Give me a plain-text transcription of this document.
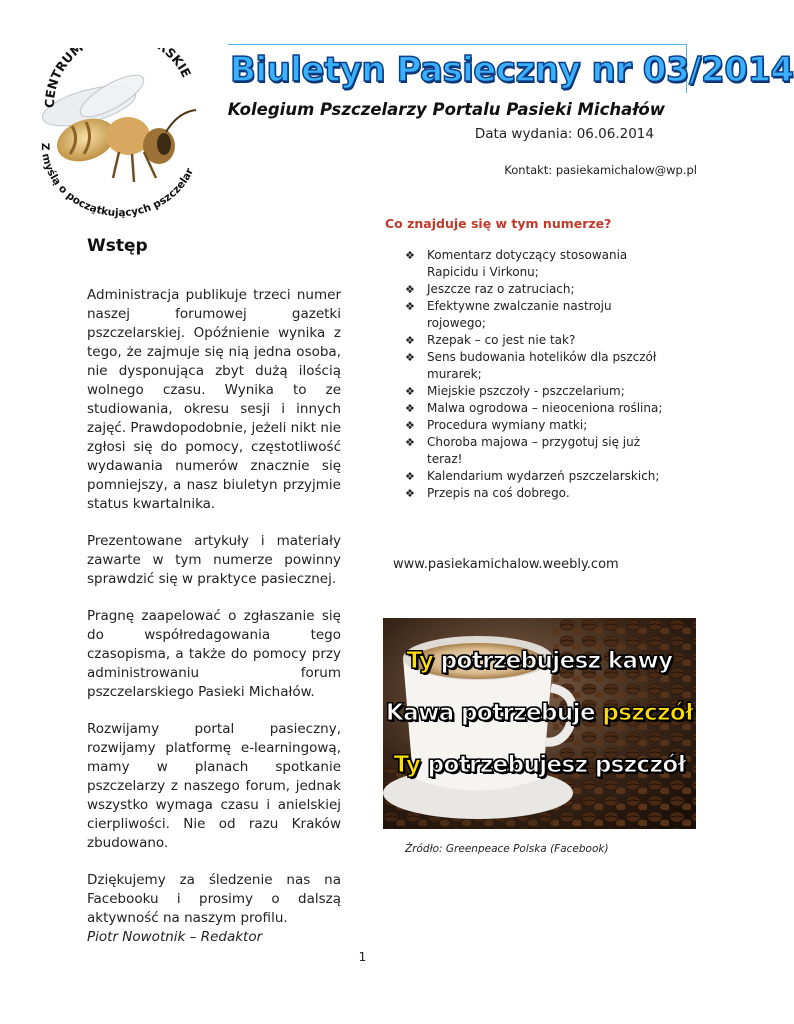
CENTRUM SKIE
Z myślą o początkujących pszczelar
Biuletyn Pasieczny nr 03/2014
Kolegium Pszczelarzy Portalu Pasieki Michałów
Data wydania: 06.06.2014
Kontakt: pasiekamichalow@wp.pl
Wstęp

Administracja publikuje trzeci numer naszej forumowej gazetki pszczelarskiej. Opóźnienie wynika z tego, że zajmuje się nią jedna osoba, nie dysponująca zbyt dużą ilością wolnego czasu. Wynika to ze studiowania, okresu sesji i innych zajęć. Prawdopodobnie, jeżeli nikt nie zgłosi się do pomocy, częstotliwość wydawania numerów znacznie się pomniejszy, a nasz biuletyn przyjmie status kwartalnika.

Prezentowane artykuły i materiały zawarte w tym numerze powinny sprawdzić się w praktyce pasiecznej.

Pragnę zaapelować o zgłaszanie się do współredagowania tego czasopisma, a także do pomocy przy administrowaniu forum pszczelarskiego Pasieki Michałów.

Rozwijamy portal pasieczny, rozwijamy platformę e-learningową, mamy w planach spotkanie pszczelarzy z naszego forum, jednak wszystko wymaga czasu i anielskiej cierpliwości. Nie od razu Kraków zbudowano.

Dziękujemy za śledzenie nas na Facebooku i prosimy o dalszą aktywność na naszym profilu.

Piotr Nowotnik – Redaktor
Co znajduje się w tym numerze?
❖ Komentarz dotyczący stosowania Rapicidu i Virkonu;
❖ Jeszcze raz o zatruciach;
❖ Efektywne zwalczanie nastroju rojowego;
❖ Rzepak – co jest nie tak?
❖ Sens budowania hotelików dla pszczół murarek;
❖ Miejskie pszczoły - pszczelarium;
❖ Malwa ogrodowa – nieoceniona roślina;
❖ Procedura wymiany matki;
❖ Choroba majowa – przygotuj się już teraz!
❖ Kalendarium wydarzeń pszczelarskich;
❖ Przepis na coś dobrego.
www.pasiekamichalow.weebly.com
Ty potrzebujesz kawy
Kawa potrzebuje pszczół
Ty potrzebujesz pszczół
Źródło: Greenpeace Polska (Facebook)
1
